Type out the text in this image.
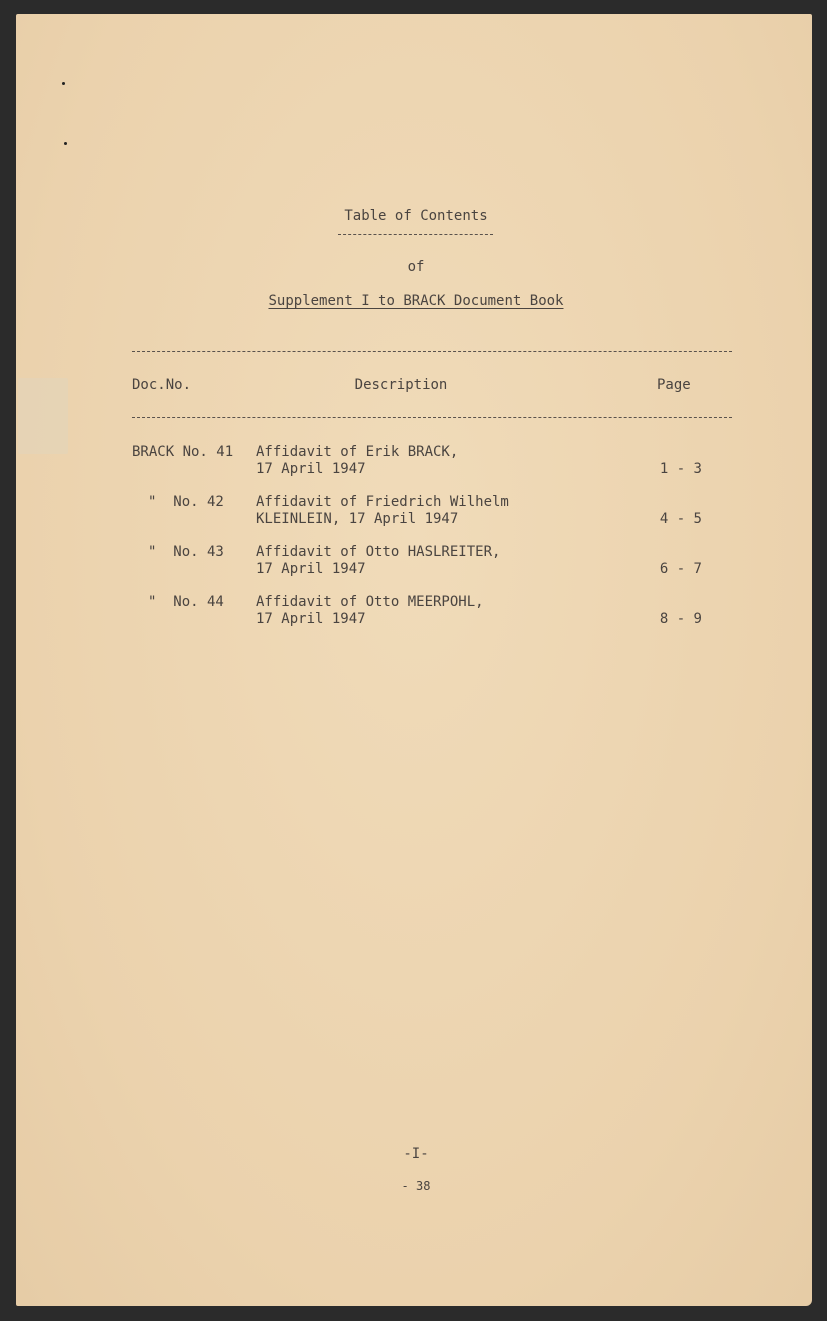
Table of Contents
of
Supplement I to BRACK Document Book
Doc.No.	Description	Page
BRACK No. 41 Affidavit of Erik BRACK,
17 April 1947	1 - 3
"  No. 42 Affidavit of Friedrich Wilhelm
KLEINLEIN, 17 April 1947	4 - 5
"  No. 43 Affidavit of Otto HASLREITER,
17 April 1947	6 - 7
"  No. 44 Affidavit of Otto MEERPOHL,
17 April 1947	8 - 9
-I-
- 38
